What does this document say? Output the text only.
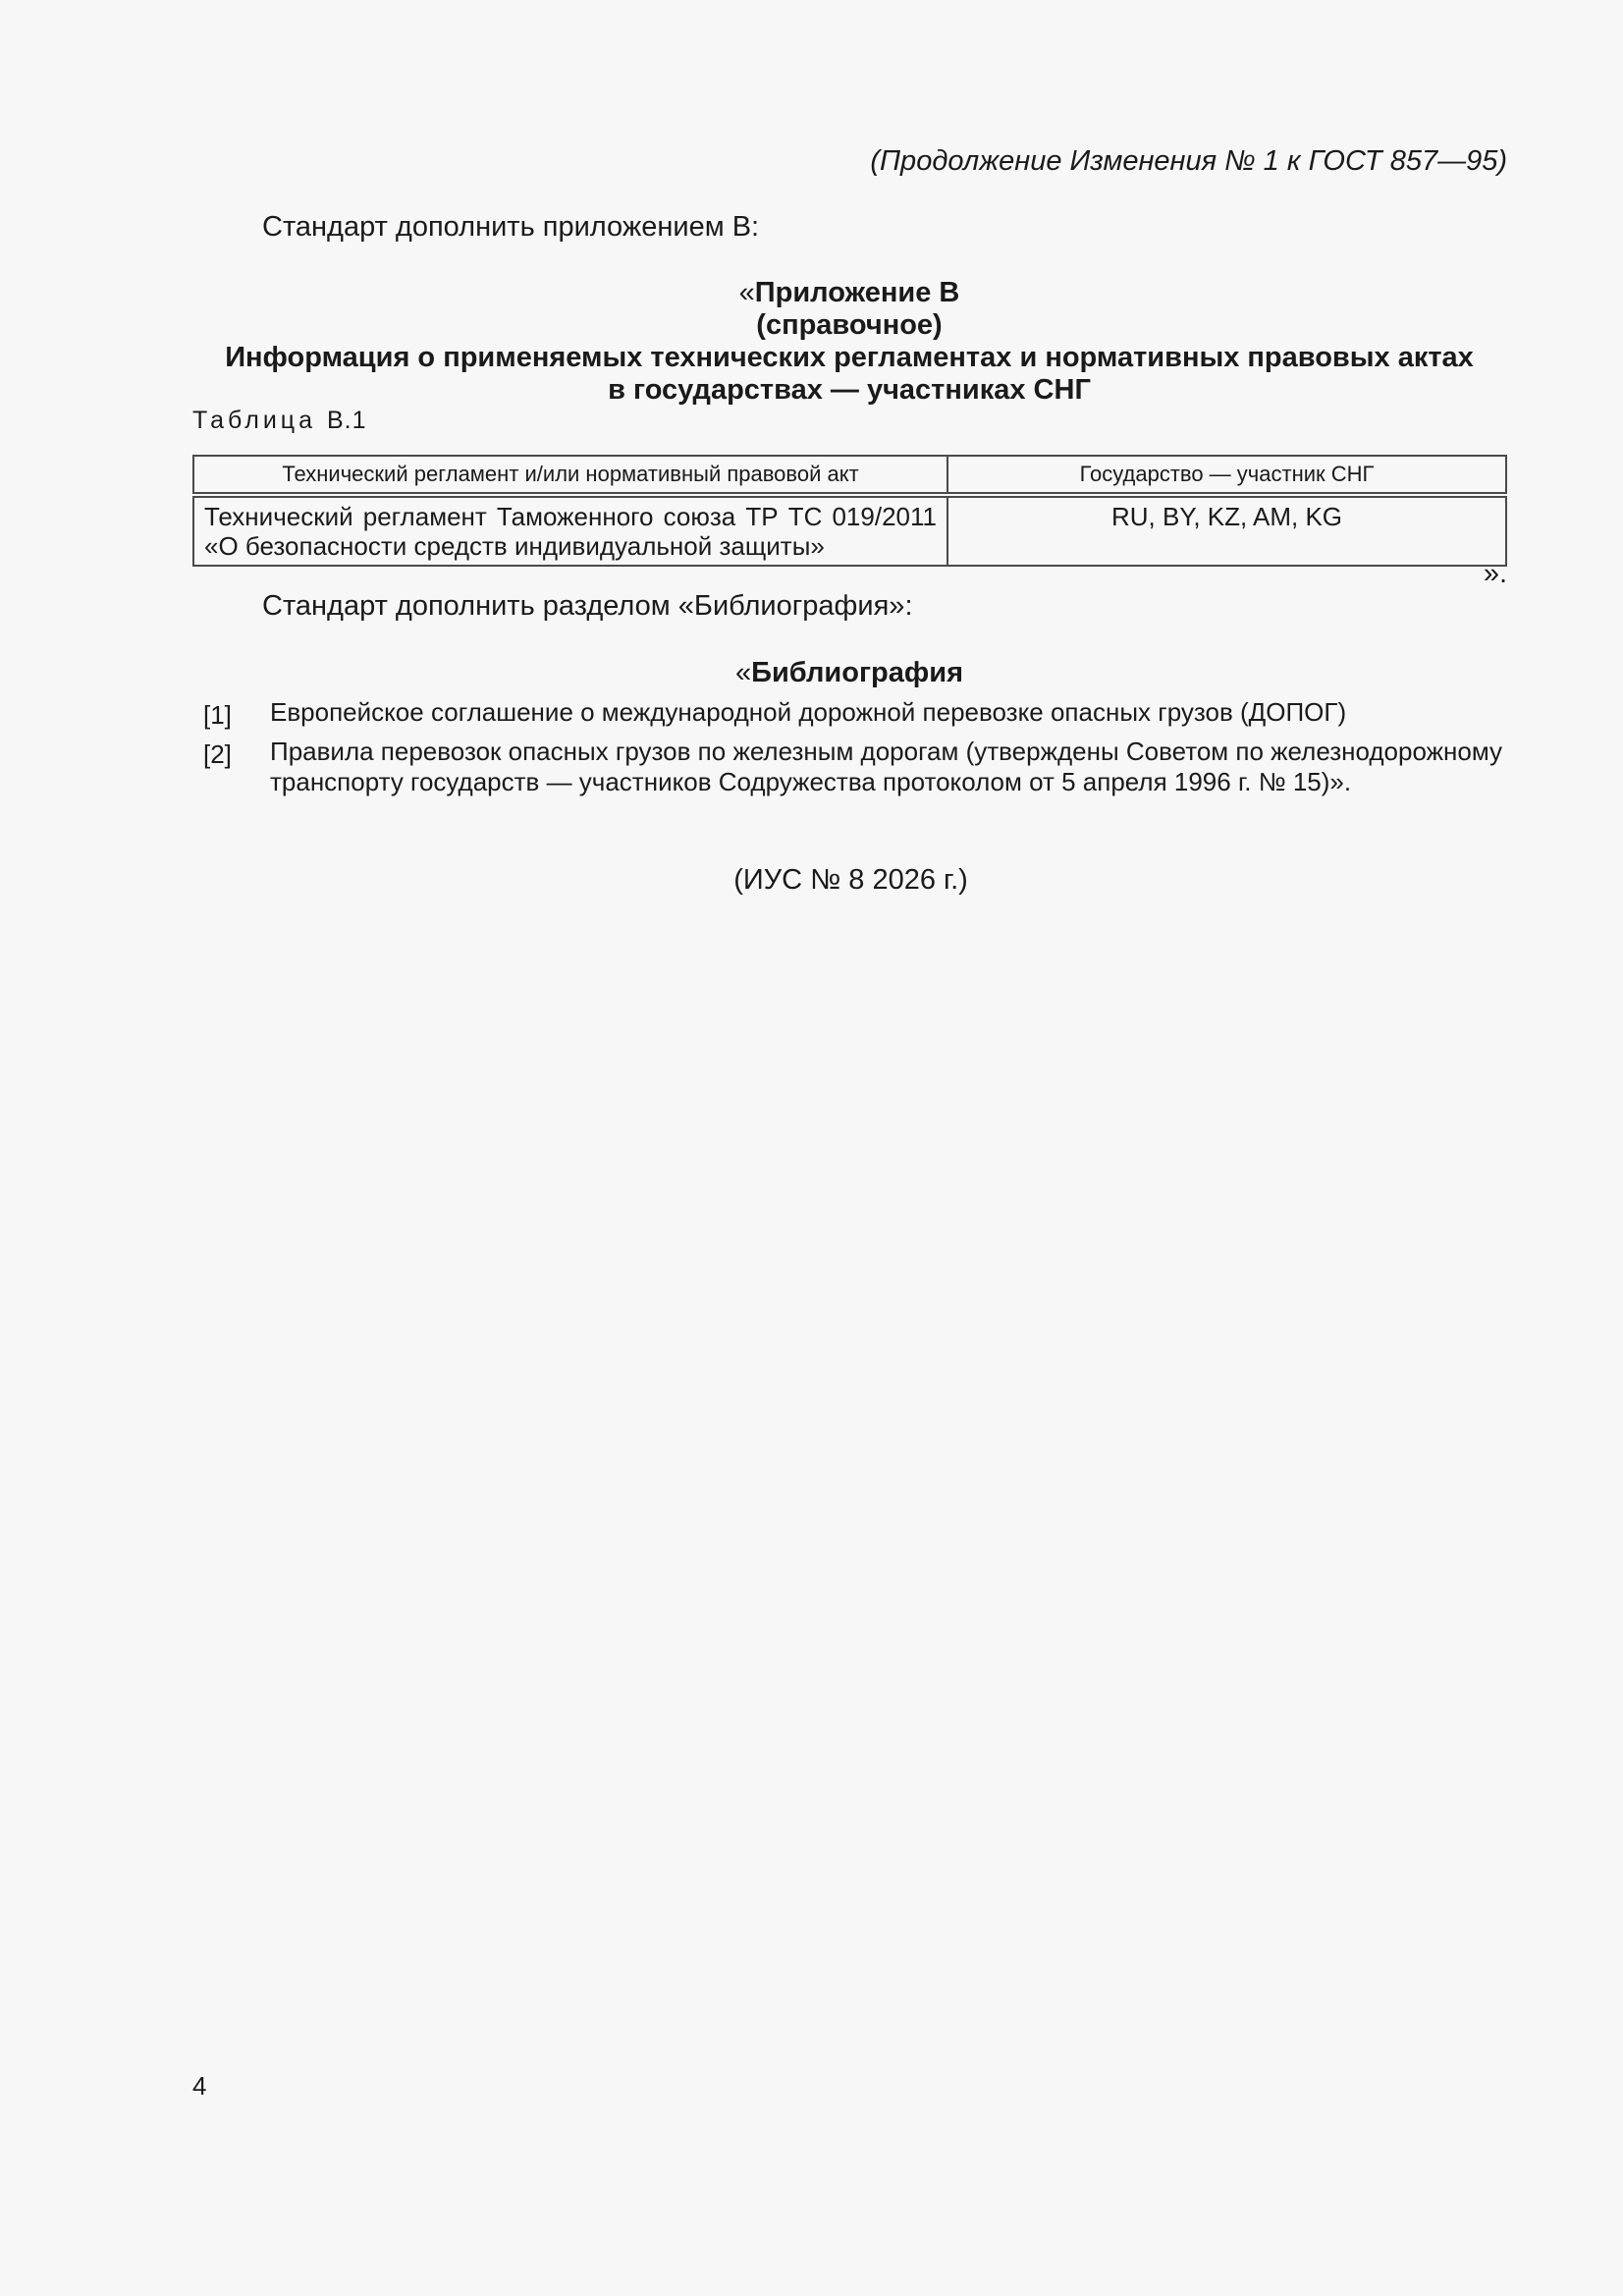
(Продолжение Изменения № 1 к ГОСТ 857—95)
Стандарт дополнить приложением В:
«Приложение В
(справочное)
Информация о применяемых технических регламентах и нормативных правовых актах
в государствах — участниках СНГ
Таблица В.1
Технический регламент и/или нормативный правовой акт	Государство — участник СНГ
Технический регламент Таможенного союза ТР ТС 019/2011 «О безопасности средств индивидуальной защиты»	RU, BY, KZ, AM, KG
».
Стандарт дополнить разделом «Библиография»:
«Библиография
[1] Европейское соглашение о международной дорожной перевозке опасных грузов (ДОПОГ)
[2] Правила перевозок опасных грузов по железным дорогам (утверждены Советом по железнодорожному транспорту государств — участников Содружества протоколом от 5 апреля 1996 г. № 15)».
(ИУС № 8 2026 г.)
4
